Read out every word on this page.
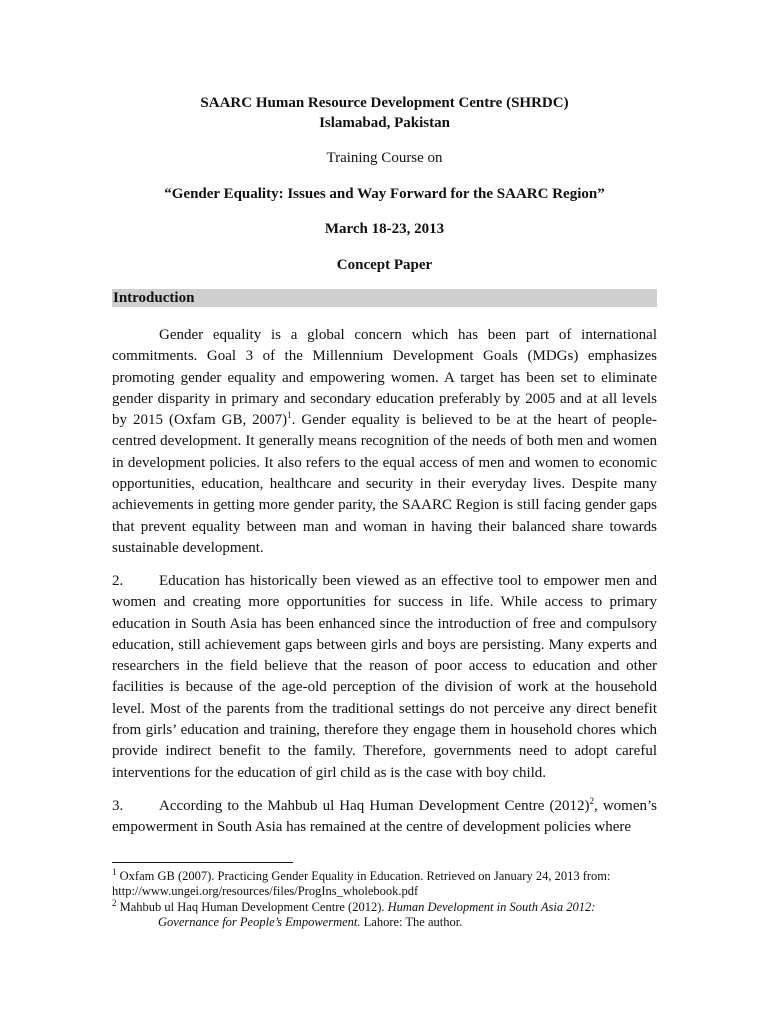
SAARC Human Resource Development Centre (SHRDC)

Islamabad, Pakistan

Training Course on

“Gender Equality: Issues and Way Forward for the SAARC Region”

March 18-23, 2013

Concept Paper

Introduction

Gender equality is a global concern which has been part of international commitments. Goal 3 of the Millennium Development Goals (MDGs) emphasizes promoting gender equality and empowering women. A target has been set to eliminate gender disparity in primary and secondary education preferably by 2005 and at all levels by 2015 (Oxfam GB, 2007)$^1$. Gender equality is believed to be at the heart of people-centred development. It generally means recognition of the needs of both men and women in development policies. It also refers to the equal access of men and women to economic opportunities, education, healthcare and security in their everyday lives. Despite many achievements in getting more gender parity, the SAARC Region is still facing gender gaps that prevent equality between man and woman in having their balanced share towards sustainable development.

2. Education has historically been viewed as an effective tool to empower men and women and creating more opportunities for success in life. While access to primary education in South Asia has been enhanced since the introduction of free and compulsory education, still achievement gaps between girls and boys are persisting. Many experts and researchers in the field believe that the reason of poor access to education and other facilities is because of the age-old perception of the division of work at the household level. Most of the parents from the traditional settings do not perceive any direct benefit from girls’ education and training, therefore they engage them in household chores which provide indirect benefit to the family. Therefore, governments need to adopt careful interventions for the education of girl child as is the case with boy child.

3. According to the Mahbub ul Haq Human Development Centre $(2012)^2$, women’s empowerment in South Asia has remained at the centre of development policies where

$^1$ Oxfam GB (2007). Practicing Gender Equality in Education. Retrieved on January 24, 2013 from:
http://www.ungei.org/resources/files/ProgIns_wholebook.pdf

$^2$ Mahbub ul Haq Human Development Centre (2012). Human Development in South Asia 2012:
Governance for People’s Empowerment. Lahore: The author.
